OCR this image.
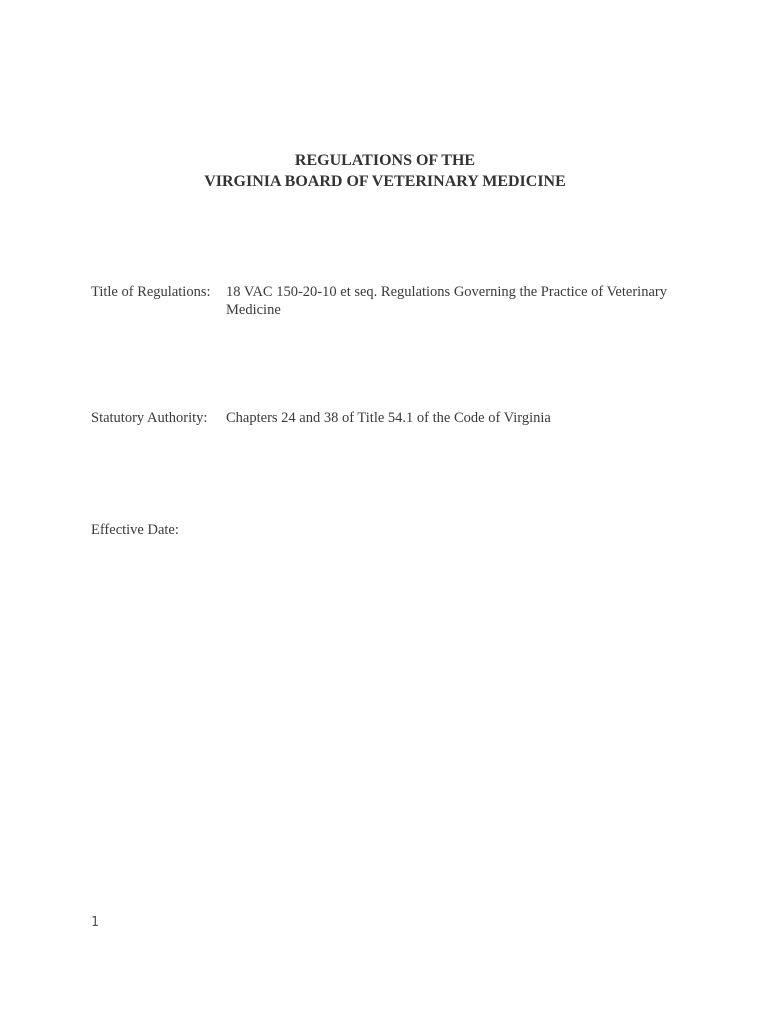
REGULATIONS OF THE
VIRGINIA BOARD OF VETERINARY MEDICINE
Title of Regulations: 18 VAC 150-20-10 et seq. Regulations Governing the Practice of Veterinary Medicine
Statutory Authority: Chapters 24 and 38 of Title 54.1 of the Code of Virginia
Effective Date:
1
